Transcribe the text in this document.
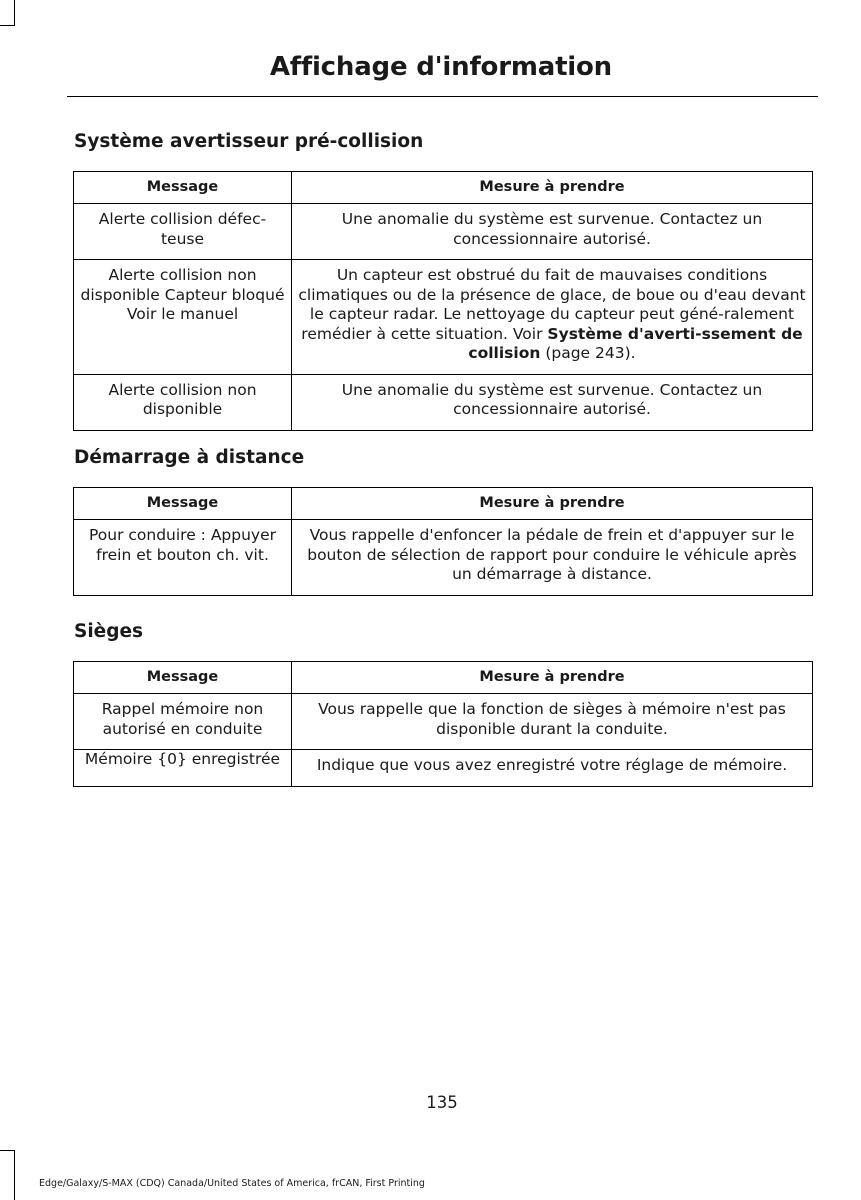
Affichage d'information
Système avertisseur pré-collision
Message	Mesure à prendre
Alerte collision défec-teuse	Une anomalie du système est survenue. Contactez un concessionnaire autorisé.
Alerte collision non disponible Capteur bloqué Voir le manuel	Un capteur est obstrué du fait de mauvaises conditions climatiques ou de la présence de glace, de boue ou d'eau devant le capteur radar. Le nettoyage du capteur peut géné-ralement remédier à cette situation. Voir Système d'averti-ssement de collision (page 243).
Alerte collision non disponible	Une anomalie du système est survenue. Contactez un concessionnaire autorisé.
Démarrage à distance
Message	Mesure à prendre
Pour conduire : Appuyer frein et bouton ch. vit.	Vous rappelle d'enfoncer la pédale de frein et d'appuyer sur le bouton de sélection de rapport pour conduire le véhicule après un démarrage à distance.
Sièges
Message	Mesure à prendre
Rappel mémoire non autorisé en conduite	Vous rappelle que la fonction de sièges à mémoire n'est pas disponible durant la conduite.
Mémoire {0} enregistrée	Indique que vous avez enregistré votre réglage de mémoire.
135
Edge/Galaxy/S-MAX (CDQ) Canada/United States of America, frCAN, First Printing
